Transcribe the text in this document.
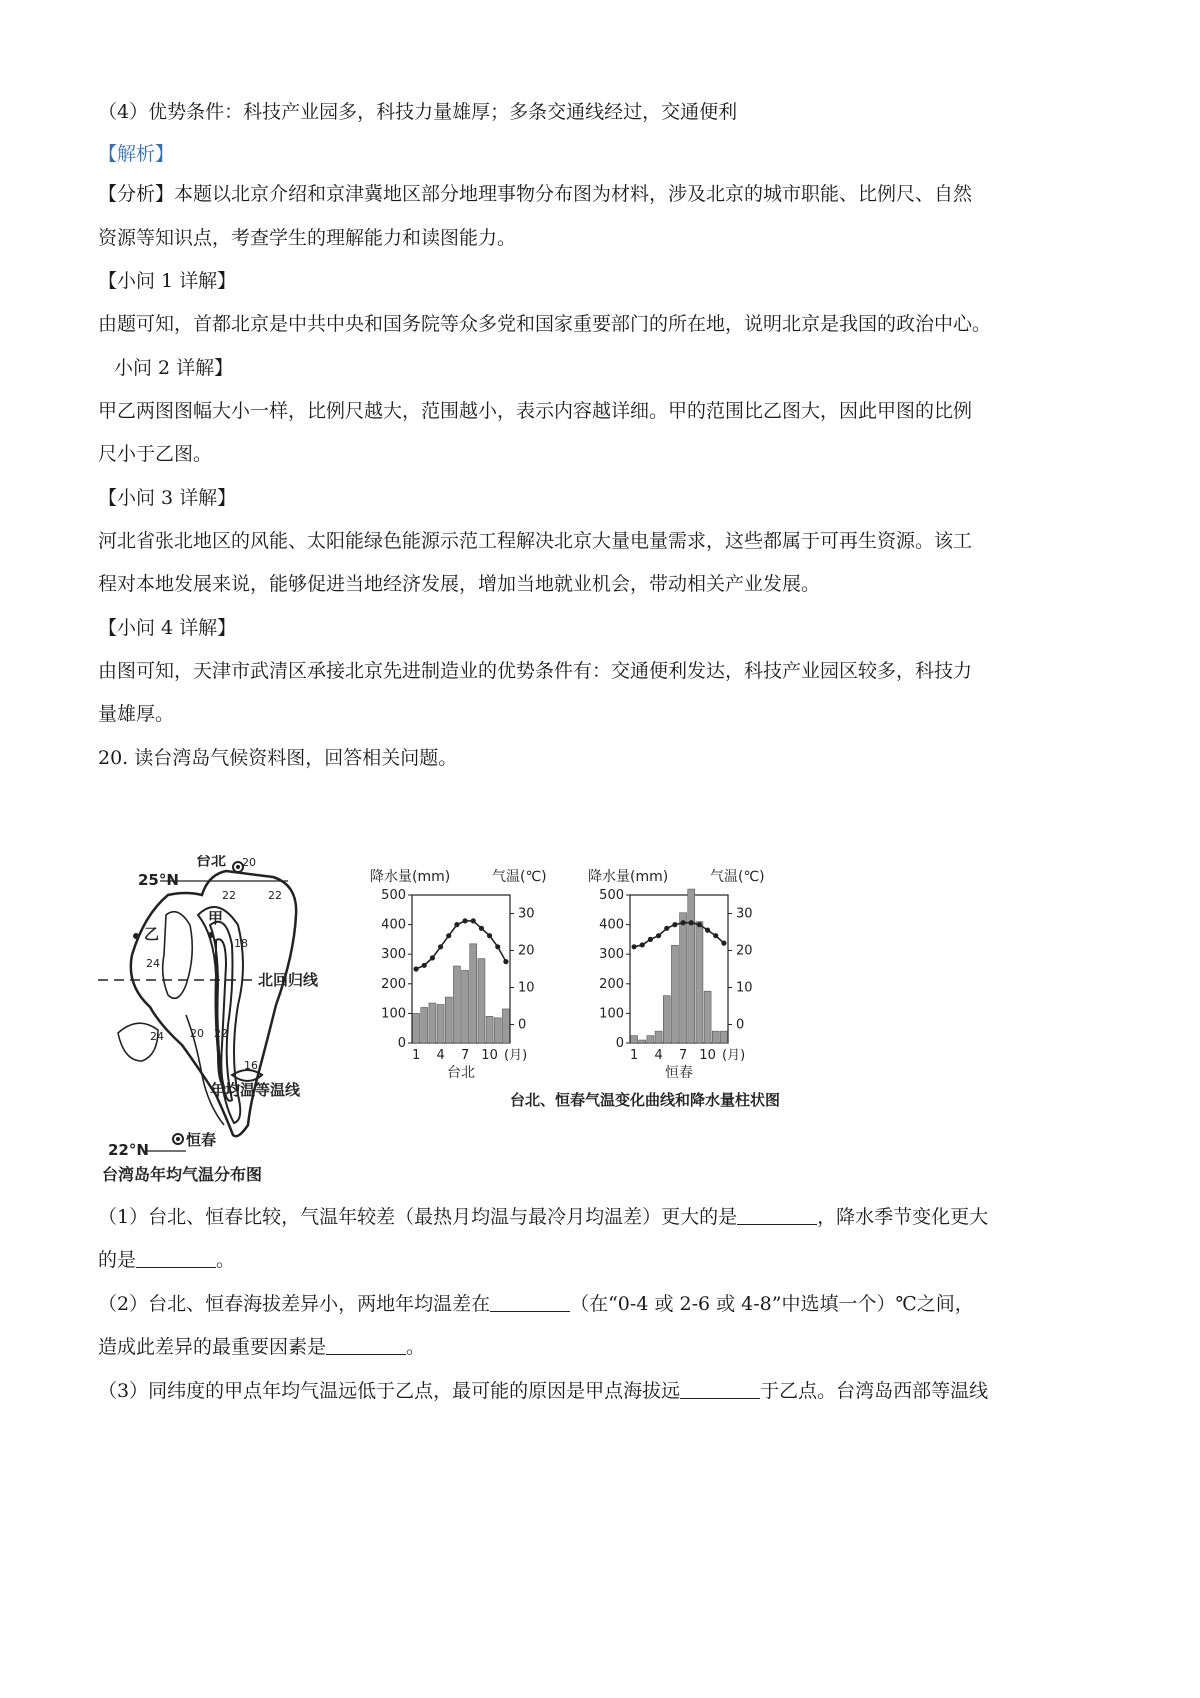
（4）优势条件：科技产业园多，科技力量雄厚；多条交通线经过，交通便利
【解析】
【分析】本题以北京介绍和京津冀地区部分地理事物分布图为材料，涉及北京的城市职能、比例尺、自然
资源等知识点，考查学生的理解能力和读图能力。
【小问 1 详解】
由题可知，首都北京是中共中央和国务院等众多党和国家重要部门的所在地，说明北京是我国的政治中心。
小问 2 详解】
甲乙两图图幅大小一样，比例尺越大，范围越小，表示内容越详细。甲的范围比乙图大，因此甲图的比例
尺小于乙图。
【小问 3 详解】
河北省张北地区的风能、太阳能绿色能源示范工程解决北京大量电量需求，这些都属于可再生资源。该工
程对本地发展来说，能够促进当地经济发展，增加当地就业机会，带动相关产业发展。
【小问 4 详解】
由图可知，天津市武清区承接北京先进制造业的优势条件有：交通便利发达，科技产业园区较多，科技力
量雄厚。
20. 读台湾岛气候资料图，回答相关问题。
台北
25°N
甲
乙
北回归线
年均温等温线
恒春
22°N
台湾岛年均气温分布图
16
20
22	22
18
24
24 20 22
0
100
200
300
400
500
0
10
20
30
降水量(mm)	气温(℃)
1 4 7 10 (月)
台北
0
100
200
300
400
500
0
10
20
30
降水量(mm)	气温(℃)
1 4 7 10 (月)
恒春
台北、恒春气温变化曲线和降水量柱状图
（1）台北、恒春比较，气温年较差（最热月均温与最冷月均温差）更大的是	，降水季节变化更大
的是	。
（2）台北、恒春海拔差异小，两地年均温差在	（在“0-4 或 2-6 或 4-8”中选填一个）℃之间，
造成此差异的最重要因素是	。
（3）同纬度的甲点年均气温远低于乙点，最可能的原因是甲点海拔远	于乙点。台湾岛西部等温线
